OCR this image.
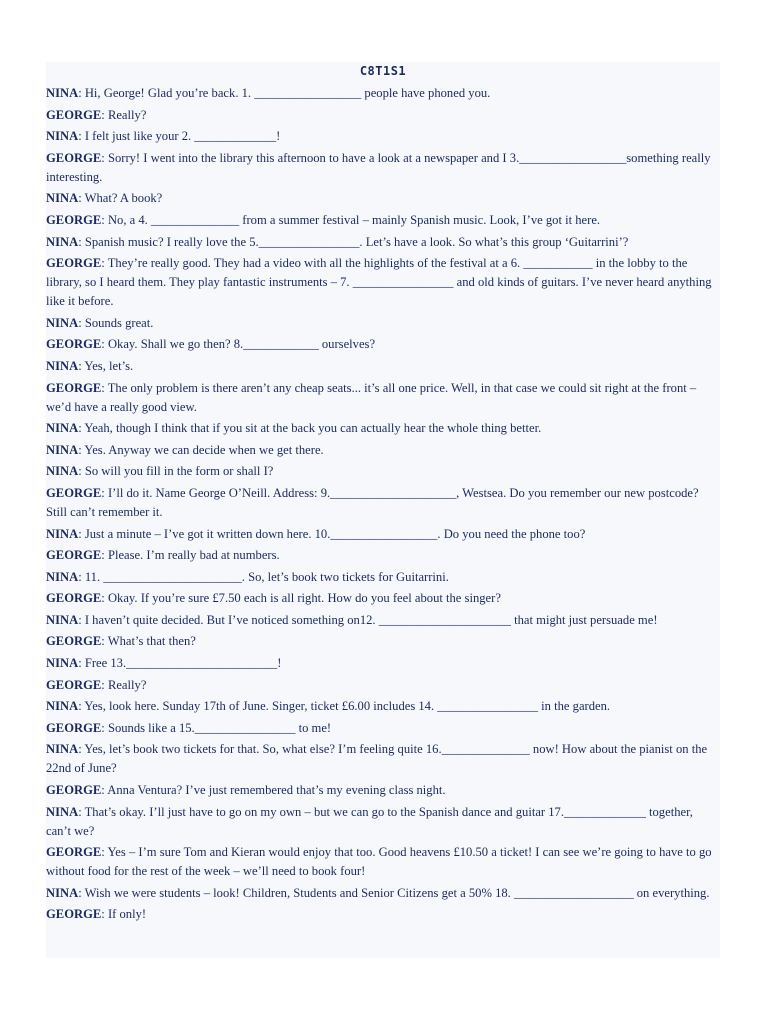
C8T1S1
NINA: Hi, George! Glad you’re back. 1. _________________ people have phoned you.
GEORGE: Really?
NINA: I felt just like your 2. _____________!
GEORGE: Sorry! I went into the library this afternoon to have a look at a newspaper and I 3._________________something really interesting.
NINA: What? A book?
GEORGE: No, a 4. ______________ from a summer festival – mainly Spanish music. Look, I’ve got it here.
NINA: Spanish music? I really love the 5.________________. Let’s have a look. So what’s this group ‘Guitarrini’?
GEORGE: They’re really good. They had a video with all the highlights of the festival at a 6. ___________ in the lobby to the library, so I heard them. They play fantastic instruments – 7. ________________ and old kinds of guitars. I’ve never heard anything like it before.
NINA: Sounds great.
GEORGE: Okay. Shall we go then? 8.____________ ourselves?
NINA: Yes, let’s.
GEORGE: The only problem is there aren’t any cheap seats... it’s all one price. Well, in that case we could sit right at the front – we’d have a really good view.
NINA: Yeah, though I think that if you sit at the back you can actually hear the whole thing better.
NINA: Yes. Anyway we can decide when we get there.
NINA: So will you fill in the form or shall I?
GEORGE: I’ll do it. Name George O’Neill. Address: 9.____________________, Westsea. Do you remember our new postcode? Still can’t remember it.
NINA: Just a minute – I’ve got it written down here. 10._________________. Do you need the phone too?
GEORGE: Please. I’m really bad at numbers.
NINA: 11. ______________________. So, let’s book two tickets for Guitarrini.
GEORGE: Okay. If you’re sure £7.50 each is all right. How do you feel about the singer?
NINA: I haven’t quite decided. But I’ve noticed something on12. _____________________ that might just persuade me!
GEORGE: What’s that then?
NINA: Free 13.________________________!
GEORGE: Really?
NINA: Yes, look here. Sunday 17th of June. Singer, ticket £6.00 includes 14. ________________ in the garden.
GEORGE: Sounds like a 15.________________ to me!
NINA: Yes, let’s book two tickets for that. So, what else? I’m feeling quite 16.______________ now! How about the pianist on the 22nd of June?
GEORGE: Anna Ventura? I’ve just remembered that’s my evening class night.
NINA: That’s okay. I’ll just have to go on my own – but we can go to the Spanish dance and guitar 17._____________ together, can’t we?
GEORGE: Yes – I’m sure Tom and Kieran would enjoy that too. Good heavens £10.50 a ticket! I can see we’re going to have to go without food for the rest of the week – we’ll need to book four!
NINA: Wish we were students – look! Children, Students and Senior Citizens get a 50% 18. ___________________ on everything.
GEORGE: If only!
